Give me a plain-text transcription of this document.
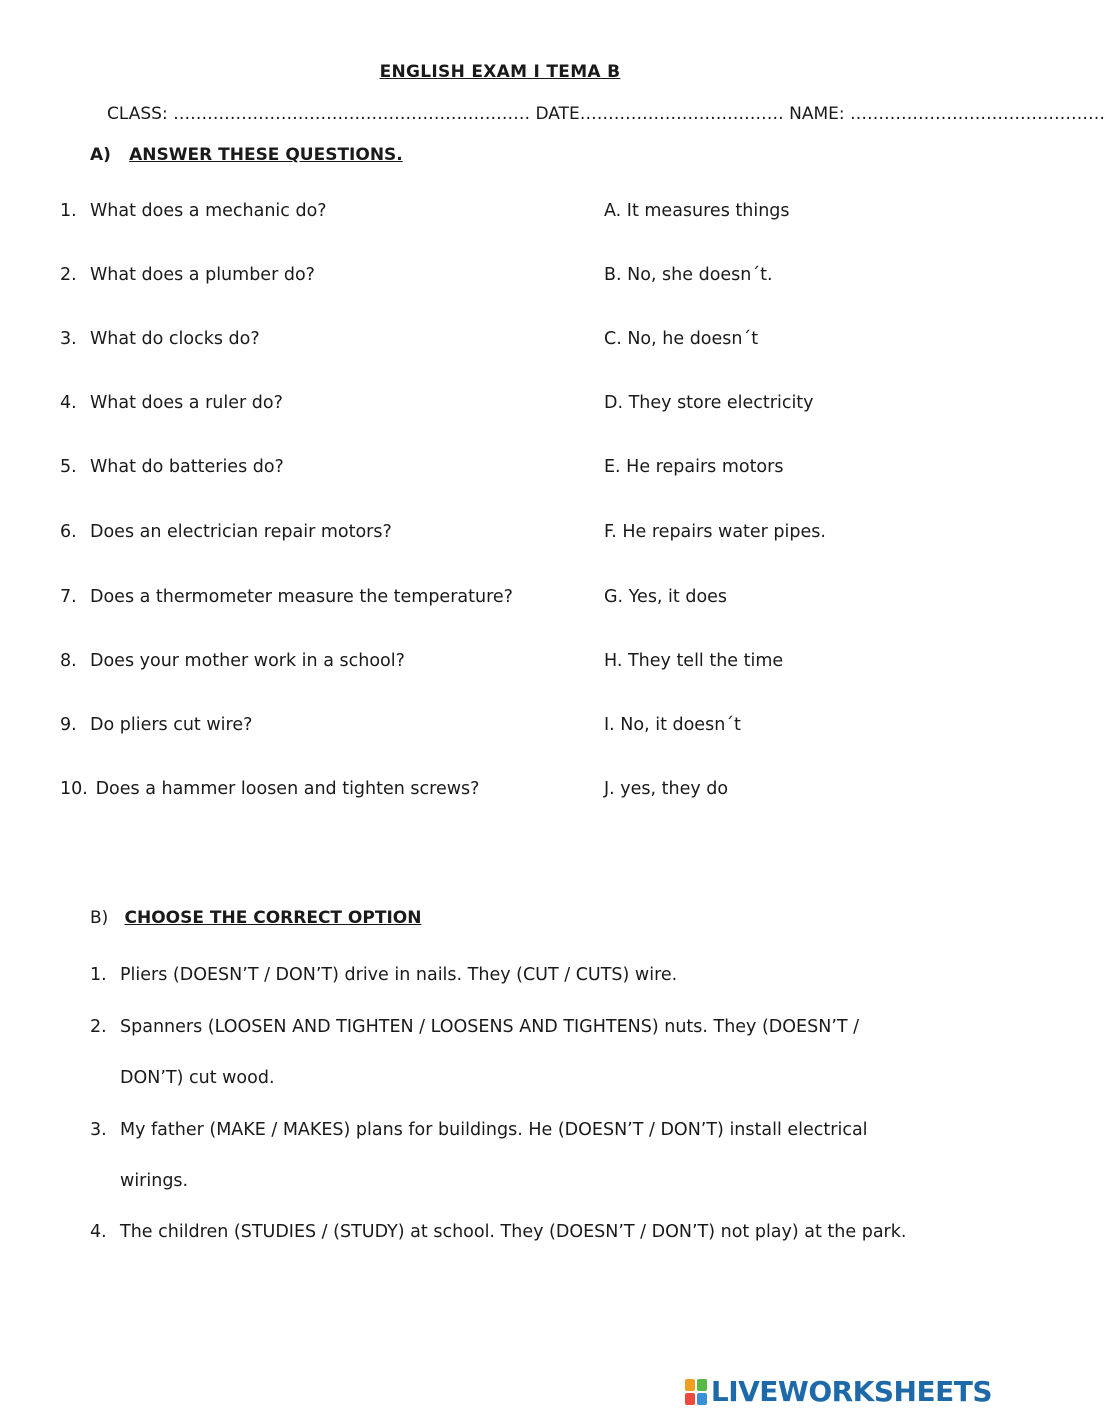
ENGLISH EXAM I TEMA B
CLASS: ……………………………………………………… DATE……………………………… NAME: ………………………………………
A) ANSWER THESE QUESTIONS.
1. What does a mechanic do?
2. What does a plumber do?
3. What do clocks do?
4. What does a ruler do?
5. What do batteries do?
6. Does an electrician repair motors?
7. Does a thermometer measure the temperature?
8. Does your mother work in a school?
9. Do pliers cut wire?
10. Does a hammer loosen and tighten screws?
A. It measures things
B. No, she doesn´t.
C. No, he doesn´t
D. They store electricity
E. He repairs motors
F. He repairs water pipes.
G. Yes, it does
H. They tell the time
I. No, it doesn´t
J. yes, they do
B) CHOOSE THE CORRECT OPTION
1. Pliers (DOESN’T / DON’T) drive in nails. They (CUT / CUTS) wire.
2. Spanners (LOOSEN AND TIGHTEN / LOOSENS AND TIGHTENS) nuts. They (DOESN’T /
DON’T) cut wood.
3. My father (MAKE / MAKES) plans for buildings. He (DOESN’T / DON’T) install electrical
wirings.
4. The children (STUDIES / (STUDY) at school. They (DOESN’T / DON’T) not play) at the park.
LIVEWORKSHEETS
